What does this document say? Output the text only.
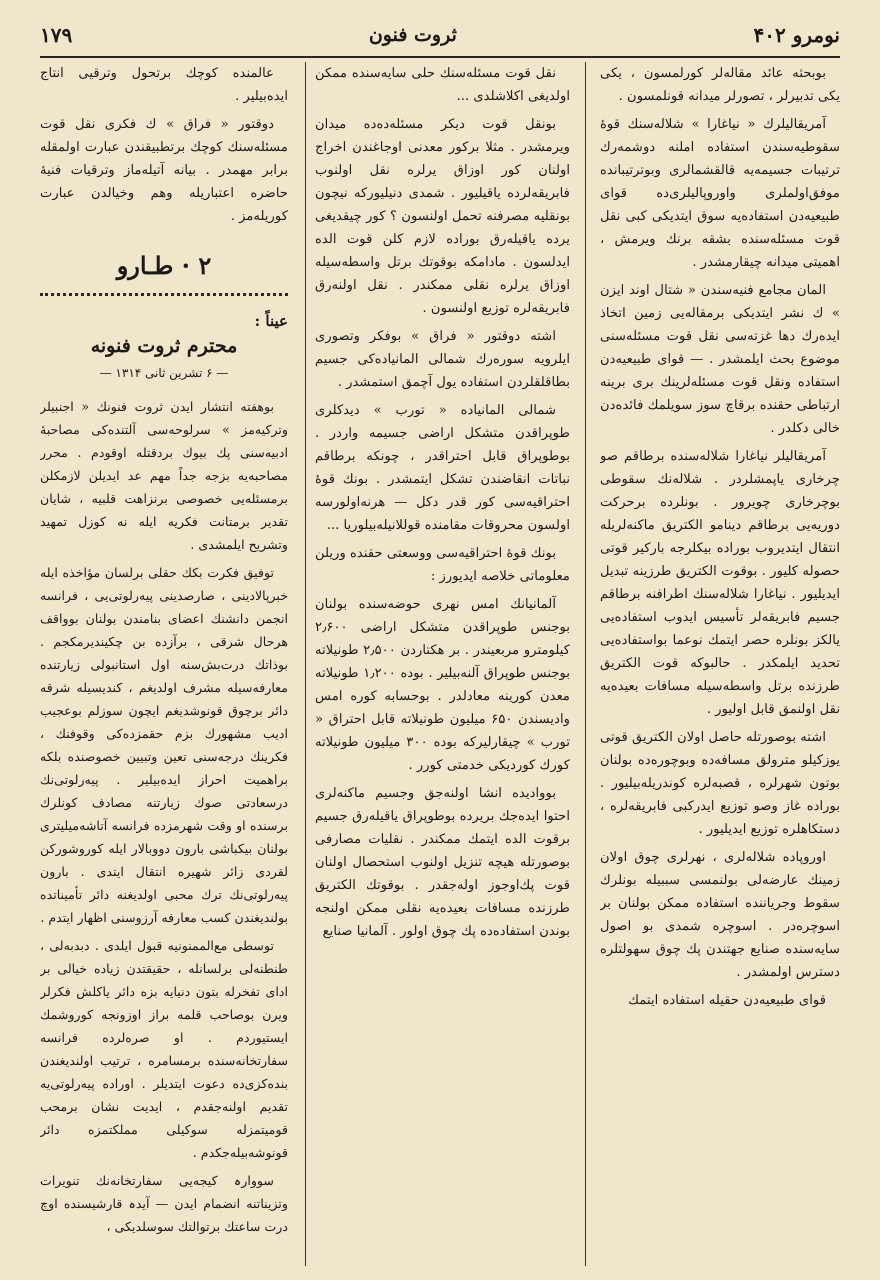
نومرو ۴۰۲
ثروت فنون
۱۷۹

بوبحثه عائد مقاله‌لر کورلمسون ، یکی یکی تدبیرلر ، تصورلر میدانه قونلمسون .

آمریقالیلرك « نیاغارا » شلاله‌سنك قوهٔ سقوطیه‌سندن استفاده املنه دوشمه‌رك ترتیبات جسیمه‌یه قالقشمالری وبوترتیبانده موفق‌اولملری واوروپالیلری‌ده قوای طبیعیه‌دن استفاده‌یه سوق ایتدیکی کبی نقل قوت مسئله‌سنده بشقه برنك ویرمش ، اهمیتی میدانه چیقارمشدر .

المان مجامع فنیه‌سندن « شتال اوند ایزن » ك نشر ایتدیکی برمقاله‌یی زمین اتخاذ ایده‌رك دها غزته‌سی نقل قوت مسئله‌سنی موضوع بحث ایلمشدر . — قوای طبیعیه‌دن استفاده ونقل قوت مسئله‌لرینك بری برینه ارتباطی حقنده برقاچ سوز سویلمك فائده‌دن خالی دکلدر .

آمریقالیلر نیاغارا شلاله‌سنده برطاقم صو چرخاری یاپمشلردر . شلاله‌نك سقوطی بوچرخاری چویرور . بونلرده برحرکت دوریه‌یی برطاقم دینامو الکتریق ماکنه‌لریله انتقال ایتدیروب بوراده بیکلرجه بارکیر قوتی حصوله کلیور . بوقوت الکتریق طرزینه تبدیل ایدیلیور . نیاغارا شلاله‌سنك اطرافنه برطاقم جسیم فابریقه‌لر تأسیس ایدوب استفاده‌یی یالکز بونلره حصر ایتمك نوعما بواستفاده‌یی تحدید ایلمکدر . حالبوکه قوت الکتریق طرزنده برتل واسطه‌سیله مسافات بعیده‌یه نقل اولنمق قابل اولیور .

اشته بوصورتله حاصل اولان الکتریق قوتی یوزکیلو مترولق مسافه‌ده وبوچوره‌ده بولنان بوتون شهرلره ، قصبه‌لره کوندریله‌بیلیور . بوراده غاز وصو توزیع ایدرکبی فابریقه‌لره ، دستکاهلره توزیع ایدیلیور .

اوروپاده شلاله‌لری ، نهرلری چوق اولان زمینك عارضه‌لی بولنمسی سببیله بونلرك سقوط وجریاننده استفاده ممکن بولنان بر اسوچره‌در . اسوچره شمدی بو اصول سایه‌سنده صنایع جهتندن پك چوق سهولتلره دسترس اولمشدر .

قوای طبیعیه‌دن حقیله استفاده ایتمك

نقل قوت مسئله‌سنك حلی سایه‌سنده ممکن اولدیغی اکلاشلدی ...

بونقل قوت دیکر مسئله‌ده‌ده میدان ویرمشدر . مثلا برکور معدنی اوجاغندن اخراج اولنان کور اوزاق یرلره نقل اولنوب فابریقه‌لرده یاقیلیور . شمدی دنیلیورکه نیچون بونقلیه مصرفنه تحمل اولنسون ؟ کور چیقدیغی یرده یاقیله‌رق بوراده لازم کلن قوت الده ایدلسون . مادامکه بوقوتك برتل واسطه‌سیله اوزاق یرلره نقلی ممکندر . نقل اولنه‌رق فابریقه‌لره توزیع اولنسون .

اشته دوقتور « فراق » بوفکر وتصوری ایلرویه سوره‌رك شمالی المانیاده‌کی جسیم بطاقلقلردن استفاده یول آچمق استمشدر .

شمالی المانیاده « تورب » دیدکلری طوپراقدن متشکل اراضی جسیمه واردر . بوطوپراق قابل احتراقدر ، چونکه برطاقم نباتات انقاضندن تشکل ایتمشدر . بونك قوهٔ احتراقیه‌سی کور قدر دکل — هرنه‌اولورسه اولسون محروقات مقامنده قوللانیله‌بیلوریا ...

بونك قوهٔ احتراقیه‌سی ووسعتی حقنده وریلن معلوماتی خلاصه ایدیورز :

آلمانیانك امس نهری حوضه‌سنده بولنان بوجنس طوپراقدن متشکل اراضی ۲٫۶۰۰ کیلومترو مربعیندر . بر هکتاردن ۲٫۵۰۰ طونیلاته بوجنس طوپراق آلنه‌بیلیر . بوده ۱٫۲۰۰ طونیلاته معدن کورینه معادلدر . بوحسابه کوره امس وادیسندن ۶۵۰ میلیون طونیلاته قابل احتراق « تورب » چیقارلیرکه بوده ۳۰۰ میلیون طونیلاته کورك کوردیکی خدمتی کورر .

بووادیده انشا اولنه‌جق وجسیم ماکنه‌لری احتوا ایده‌جك بریرده بوطوپراق یاقیله‌رق جسیم برقوت الده ایتمك ممکندر . نقلیات مصارفی بوصورتله هیچه تنزیل اولنوب استحصال اولنان قوت پك‌اوجوز اوله‌جقدر . بوقوتك الکتریق طرزنده مسافات بعیده‌یه نقلی ممکن اولنجه بوندن استفاده‌ده پك چوق اولور . آلمانیا صنایع

عالمنده کوچك برتحول وترقیی انتاج ایده‌بیلیر .

دوقتور « فراق » ك فکری نقل قوت مسئله‌سنك کوچك برتطبیقندن عبارت اولمقله برابر مهمدر . بیانه آتیله‌ماز وترقیات فنیهٔ حاضره اعتباریله وهم وخیالدن عبارت کوریله‌مز .

۲ · طـارو
عیناً :
محترم ثروت فنونه
— ۶ تشرین ثانی ۱۳۱۴ —

بوهفته انتشار ایدن ثروت فنونك « اجنبیلر وترکیه‌مز » سرلوحه‌سی آلتنده‌کی مصاحبهٔ ادبیه‌سنی پك بیوك بردقتله اوقودم . محرر مصاحبه‌یه بزجه جداً مهم عد ایدیلن لازمکلن برمسئله‌یی خصوصی برنزاهت قلبیه ، شایان تقدیر برمتانت فکریه ایله نه کوزل تمهید وتشریح ایلمشدی .

توفیق فکرت بکك حقلی برلسان مؤاخذه ایله خبرپالادینی ، صارصدینی پیه‌رلوتی‌یی ، فرانسه انجمن دانشنك اعضای بنامندن بولنان بوواقف هرحال شرقی ، برآزده بن چکیندیرمکجم . بوذاتك درت‌بش‌سنه اول استانبولی زیارتنده معارفه‌سیله مشرف اولدیغم ، کندیسیله شرقه دائر برچوق قونوشدیغم ایچون سوزلم بوعجیب ادیب مشهورك بزم حقمزده‌کی وقوفنك ، فکرینك درجه‌سنی تعین وتبیین خصوصنده بلکه براهمیت احراز ایده‌بیلیر . پیه‌رلوتی‌نك درسعادتی صوك زیارتنه مصادف کونلرك برسنده او وقت شهرمزده فرانسه آتاشه‌میلیتری بولنان بیکباشی بارون دووبالار ایله کوروشورکن لقردی زائر شهیره انتقال ایتدی . بارون پیه‌رلوتی‌نك ترك محبی اولدیغنه دائر تأمیناتده بولندیغندن کسب معارفه آرزوسنی اظهار ایتدم .

توسطی مع‌الممنونیه قبول ایلدی . دبدبه‌لی ، طنطنه‌لی برلسانله ، حقیقتدن زیاده خیالی بر ادای تفخرله بتون دنیایه بزه دائر یاکلش فکرلر ویرن بوصاحب قلمه براز اوزونجه کوروشمك ایستیوردم . او صره‌لرده فرانسه سفارتخانه‌سنده برمسامره ، ترتیب اولندیغندن بنده‌کزی‌ده دعوت ایتدیلر . اوراده پیه‌رلوتی‌یه تقدیم اولنه‌جقدم ، ایدیت نشان برمحب قومیتمزله سوکیلی مملکتمزه دائر قونوشه‌بیله‌جکدم .

سووارہ کیجه‌یی سفارتخانه‌نك تنویرات وتزیناتنه انضمام ایدن — آیدہ قارشیسنده اوچ درت ساعتك برتوالتك سوسلدیکی ،
